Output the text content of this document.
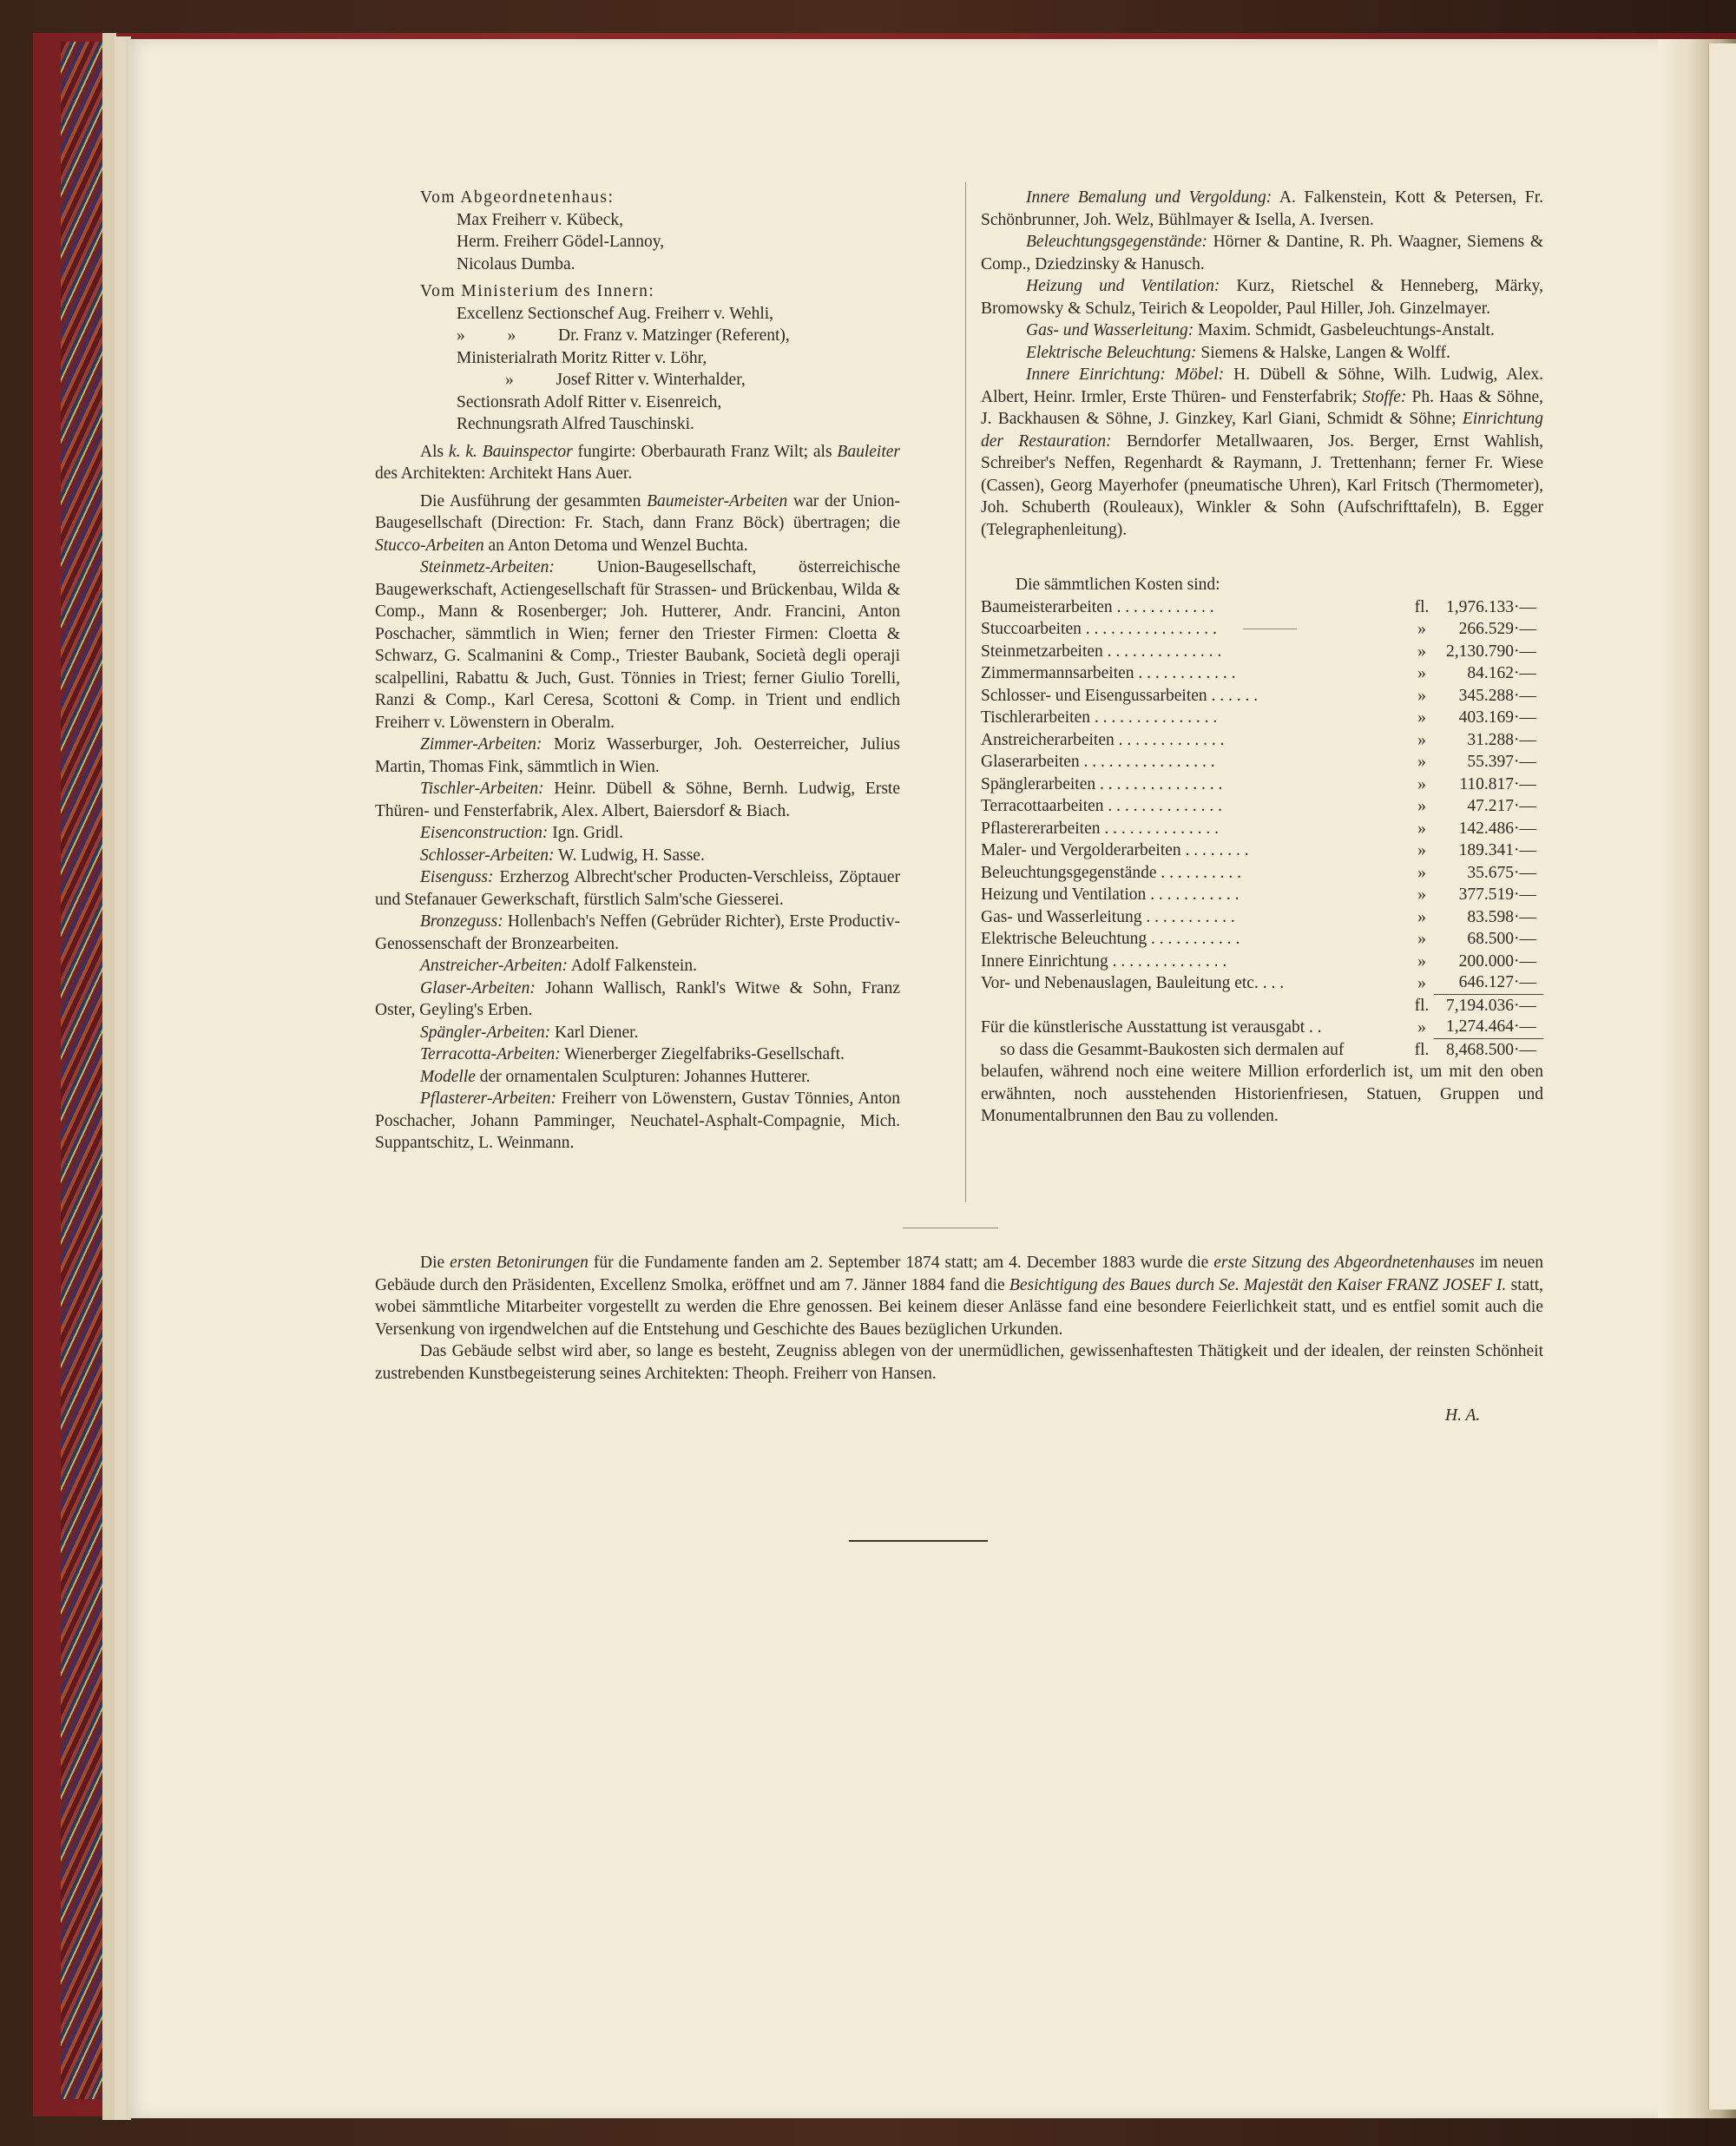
Vom Abgeordnetenhaus:

Max Freiherr v. Kübeck,

Herm. Freiherr Gödel-Lannoy,

Nicolaus Dumba.

Vom Ministerium des Innern:

Excellenz Sectionschef Aug. Freiherr v. Wehli,

»          »          Dr. Franz v. Matzinger (Referent),

Ministerialrath Moritz Ritter v. Löhr,

»          Josef Ritter v. Winterhalder,

Sectionsrath Adolf Ritter v. Eisenreich,

Rechnungsrath Alfred Tauschinski.

Als k. k. Bauinspector fungirte: Oberbaurath Franz Wilt; als Bauleiter des Architekten: Architekt Hans Auer.

Die Ausführung der gesammten Baumeister-Arbeiten war der Union-Baugesellschaft (Direction: Fr. Stach, dann Franz Böck) übertragen; die Stucco-Arbeiten an Anton Detoma und Wenzel Buchta.

Steinmetz-Arbeiten: Union-Baugesellschaft, österreichische Baugewerkschaft, Actiengesellschaft für Strassen- und Brückenbau, Wilda & Comp., Mann & Rosenberger; Joh. Hutterer, Andr. Francini, Anton Poschacher, sämmtlich in Wien; ferner den Triester Firmen: Cloetta & Schwarz, G. Scalmanini & Comp., Triester Baubank, Società degli operaji scalpellini, Rabattu & Juch, Gust. Tönnies in Triest; ferner Giulio Torelli, Ranzi & Comp., Karl Ceresa, Scottoni & Comp. in Trient und endlich Freiherr v. Löwenstern in Oberalm.

Zimmer-Arbeiten: Moriz Wasserburger, Joh. Oesterreicher, Julius Martin, Thomas Fink, sämmtlich in Wien.

Tischler-Arbeiten: Heinr. Dübell & Söhne, Bernh. Ludwig, Erste Thüren- und Fensterfabrik, Alex. Albert, Baiersdorf & Biach.

Eisenconstruction: Ign. Gridl.

Schlosser-Arbeiten: W. Ludwig, H. Sasse.

Eisenguss: Erzherzog Albrecht'scher Producten-Verschleiss, Zöptauer und Stefanauer Gewerkschaft, fürstlich Salm'sche Giesserei.

Bronzeguss: Hollenbach's Neffen (Gebrüder Richter), Erste Productiv-Genossenschaft der Bronzearbeiten.

Anstreicher-Arbeiten: Adolf Falkenstein.

Glaser-Arbeiten: Johann Wallisch, Rankl's Witwe & Sohn, Franz Oster, Geyling's Erben.

Spängler-Arbeiten: Karl Diener.

Terracotta-Arbeiten: Wienerberger Ziegelfabriks-Gesellschaft.

Modelle der ornamentalen Sculpturen: Johannes Hutterer.

Pflasterer-Arbeiten: Freiherr von Löwenstern, Gustav Tönnies, Anton Poschacher, Johann Pamminger, Neuchatel-Asphalt-Compagnie, Mich. Suppantschitz, L. Weinmann.

Innere Bemalung und Vergoldung: A. Falkenstein, Kott & Petersen, Fr. Schönbrunner, Joh. Welz, Bühlmayer & Isella, A. Iversen.

Beleuchtungsgegenstände: Hörner & Dantine, R. Ph. Waagner, Siemens & Comp., Dziedzinsky & Hanusch.

Heizung und Ventilation: Kurz, Rietschel & Henneberg, Märky, Bromowsky & Schulz, Teirich & Leopolder, Paul Hiller, Joh. Ginzelmayer.

Gas- und Wasserleitung: Maxim. Schmidt, Gasbeleuchtungs-Anstalt.

Elektrische Beleuchtung: Siemens & Halske, Langen & Wolff.

Innere Einrichtung: Möbel: H. Dübell & Söhne, Wilh. Ludwig, Alex. Albert, Heinr. Irmler, Erste Thüren- und Fensterfabrik; Stoffe: Ph. Haas & Söhne, J. Backhausen & Söhne, J. Ginzkey, Karl Giani, Schmidt & Söhne; Einrichtung der Restauration: Berndorfer Metallwaaren, Jos. Berger, Ernst Wahlish, Schreiber's Neffen, Regenhardt & Raymann, J. Trettenhann; ferner Fr. Wiese (Cassen), Georg Mayerhofer (pneumatische Uhren), Karl Fritsch (Thermometer), Joh. Schuberth (Rouleaux), Winkler & Sohn (Aufschrifttafeln), B. Egger (Telegraphenleitung).

Die sämmtlichen Kosten sind:

Baumeisterarbeiten . . . . . . . . . . . .	fl.	1,976.133·—
Stuccoarbeiten . . . . . . . . . . . . . . . .	»	266.529·—
Steinmetzarbeiten . . . . . . . . . . . . . .	»	2,130.790·—
Zimmermannsarbeiten . . . . . . . . . . . .	»	84.162·—
Schlosser- und Eisengussarbeiten . . . . . .	»	345.288·—
Tischlerarbeiten . . . . . . . . . . . . . . .	»	403.169·—
Anstreicherarbeiten . . . . . . . . . . . . .	»	31.288·—
Glaserarbeiten . . . . . . . . . . . . . . . .	»	55.397·—
Spänglerarbeiten . . . . . . . . . . . . . . .	»	110.817·—
Terracottaarbeiten . . . . . . . . . . . . . .	»	47.217·—
Pflastererarbeiten . . . . . . . . . . . . . .	»	142.486·—
Maler- und Vergolderarbeiten . . . . . . . .	»	189.341·—
Beleuchtungsgegenstände . . . . . . . . . .	»	35.675·—
Heizung und Ventilation . . . . . . . . . . .	»	377.519·—
Gas- und Wasserleitung . . . . . . . . . . .	»	83.598·—
Elektrische Beleuchtung . . . . . . . . . . .	»	68.500·—
Innere Einrichtung . . . . . . . . . . . . . .	»	200.000·—
Vor- und Nebenauslagen, Bauleitung etc. . . .	»	646.127·—
fl.	7,194.036·—
Für die künstlerische Ausstattung ist verausgabt . .	»	1,274.464·—
so dass die Gesammt-Baukosten sich dermalen auf	fl.	8,468.500·—

belaufen, während noch eine weitere Million erforderlich ist, um mit den oben erwähnten, noch ausstehenden Historienfriesen, Statuen, Gruppen und Monumentalbrunnen den Bau zu vollenden.

Die ersten Betonirungen für die Fundamente fanden am 2. September 1874 statt; am 4. December 1883 wurde die erste Sitzung des Abgeordnetenhauses im neuen Gebäude durch den Präsidenten, Excellenz Smolka, eröffnet und am 7. Jänner 1884 fand die Besichtigung des Baues durch Se. Majestät den Kaiser FRANZ JOSEF I. statt, wobei sämmtliche Mitarbeiter vorgestellt zu werden die Ehre genossen. Bei keinem dieser Anlässe fand eine besondere Feierlichkeit statt, und es entfiel somit auch die Versenkung von irgendwelchen auf die Entstehung und Geschichte des Baues bezüglichen Urkunden.

Das Gebäude selbst wird aber, so lange es besteht, Zeugniss ablegen von der unermüdlichen, gewissenhaftesten Thätigkeit und der idealen, der reinsten Schönheit zustrebenden Kunstbegeisterung seines Architekten: Theoph. Freiherr von Hansen.

H. A.
